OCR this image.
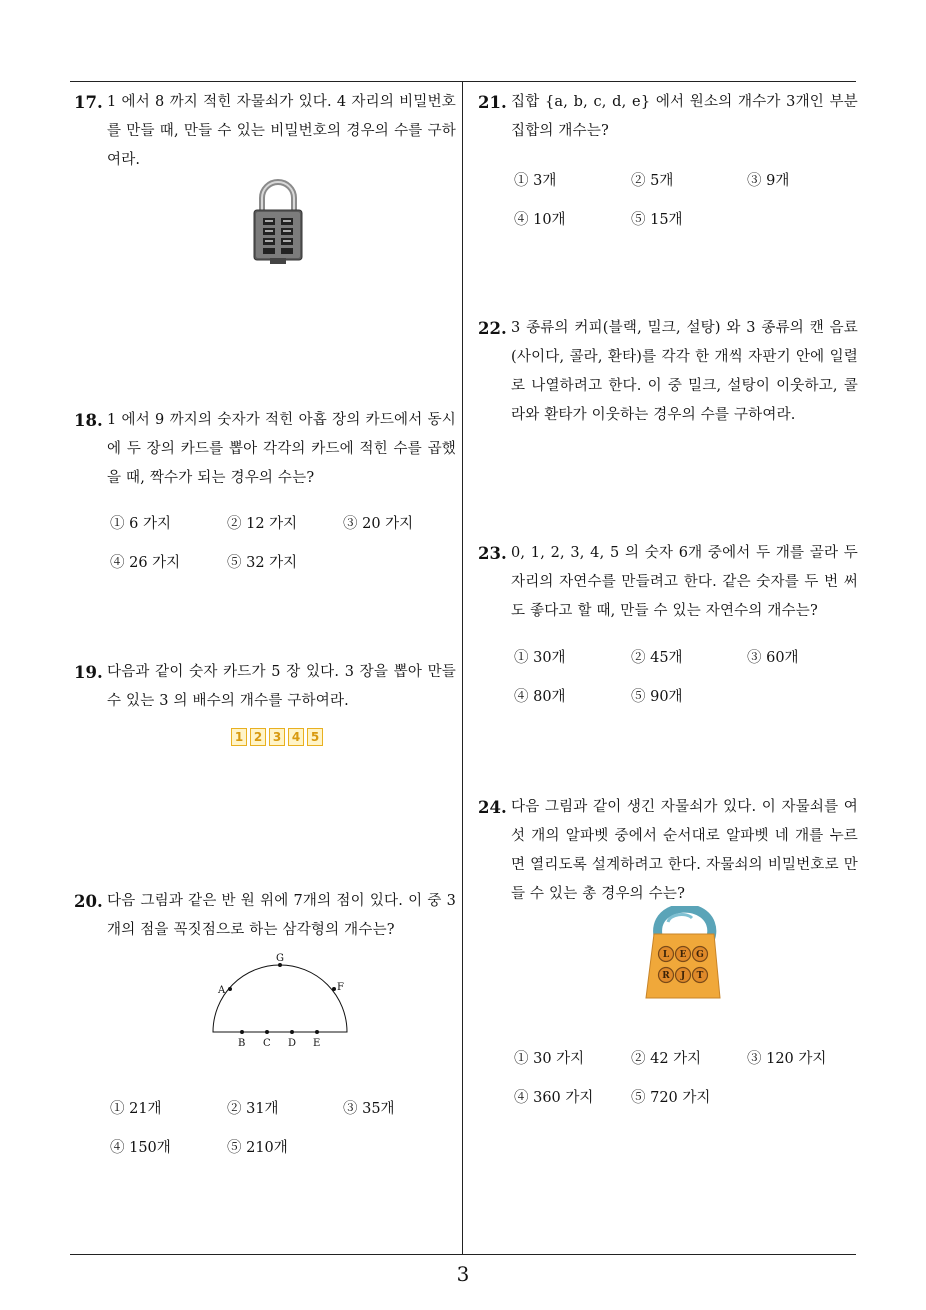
17. 1 에서 8 까지 적힌 자물쇠가 있다. 4 자리의 비밀번호를 만들 때, 만들 수 있는 비밀번호의 경우의 수를 구하여라.
18. 1 에서 9 까지의 숫자가 적힌 아홉 장의 카드에서 동시에 두 장의 카드를 뽑아 각각의 카드에 적힌 수를 곱했을 때, 짝수가 되는 경우의 수는?
① 6 가지	② 12 가지	③ 20 가지
④ 26 가지	⑤ 32 가지
19. 다음과 같이 숫자 카드가 5 장 있다. 3 장을 뽑아 만들 수 있는 3 의 배수의 개수를 구하여라.
1 2 3 4 5
20. 다음 그림과 같은 반 원 위에 7개의 점이 있다. 이 중 3개의 점을 꼭짓점으로 하는 삼각형의 개수는?
G
A	F
B C D E
① 21개	② 31개	③ 35개
④ 150개	⑤ 210개
21. 집합 {a, b, c, d, e} 에서 원소의 개수가 3개인 부분집합의 개수는?
① 3개	② 5개	③ 9개
④ 10개	⑤ 15개
22. 3 종류의 커피(블랙, 밀크, 설탕) 와 3 종류의 캔 음료(사이다, 콜라, 환타)를 각각 한 개씩 자판기 안에 일렬로 나열하려고 한다. 이 중 밀크, 설탕이 이웃하고, 콜라와 환타가 이웃하는 경우의 수를 구하여라.
23. 0, 1, 2, 3, 4, 5 의 숫자 6개 중에서 두 개를 골라 두 자리의 자연수를 만들려고 한다. 같은 숫자를 두 번 써도 좋다고 할 때, 만들 수 있는 자연수의 개수는?
① 30개	② 45개	③ 60개
④ 80개	⑤ 90개
24. 다음 그림과 같이 생긴 자물쇠가 있다. 이 자물쇠를 여섯 개의 알파벳 중에서 순서대로 알파벳 네 개를 누르면 열리도록 설계하려고 한다. 자물쇠의 비밀번호로 만들 수 있는 총 경우의 수는?
L E G
R J T
① 30 가지	② 42 가지	③ 120 가지
④ 360 가지	⑤ 720 가지
3
